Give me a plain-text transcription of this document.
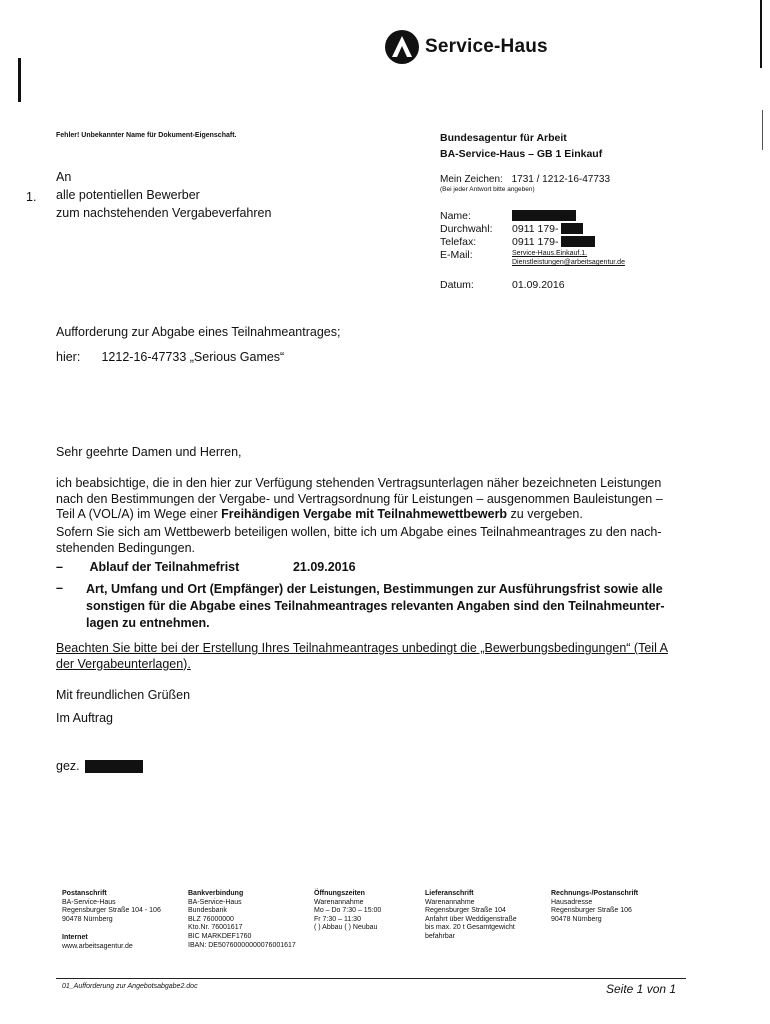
Service-Haus
Fehler! Unbekannter Name für Dokument-Eigenschaft.	Bundesagentur für Arbeit
BA-Service-Haus – GB 1 Einkauf
1.
An
alle potentiellen Bewerber
zum nachstehenden Vergabeverfahren
Mein Zeichen: 1731 / 1212-16-47733
(Bei jeder Antwort bitte angeben)
Name:
Durchwahl:	0911 179-
Telefax:	0911 179-
E-Mail:	Service-Haus.Einkauf.1.
Dienstleistungen@arbeitsagentur.de
Datum:	01.09.2016
Aufforderung zur Abgabe eines Teilnahmeantrages;
hier: 1212-16-47733 „Serious Games“
Sehr geehrte Damen und Herren,
ich beabsichtige, die in den hier zur Verfügung stehenden Vertragsunterlagen näher bezeichneten Leistungen
nach den Bestimmungen der Vergabe- und Vertragsordnung für Leistungen – ausgenommen Bauleistungen –
Teil A (VOL/A) im Wege einer Freihändigen Vergabe mit Teilnahmewettbewerb zu vergeben.
Sofern Sie sich am Wettbewerb beteiligen wollen, bitte ich um Abgabe eines Teilnahmeantrages zu den nach-
stehenden Bedingungen.
– Ablauf der Teilnahmefrist	21.09.2016
– Art, Umfang und Ort (Empfänger) der Leistungen, Bestimmungen zur Ausführungsfrist sowie alle
sonstigen für die Abgabe eines Teilnahmeantrages relevanten Angaben sind den Teilnahmeunter-
lagen zu entnehmen.
Beachten Sie bitte bei der Erstellung Ihres Teilnahmeantrages unbedingt die „Bewerbungsbedingungen“ (Teil A
der Vergabeunterlagen).
Mit freundlichen Grüßen
Im Auftrag
gez.
Postanschrift
BA-Service-Haus
Regensburger Straße 104 - 106
90478 Nürnberg
Internet
www.arbeitsagentur.de
Bankverbindung
BA-Service-Haus
Bundesbank
BLZ 76000000
Kto.Nr. 76001617
BIC MARKDEF1760
IBAN: DE50760000000076001617
Öffnungszeiten
Warenannahme
Mo – Do 7:30 – 15:00
Fr 7:30 – 11:30
( ) Abbau ( ) Neubau
Lieferanschrift
Warenannahme
Regensburger Straße 104
Anfahrt über Weddigenstraße
bis max. 20 t Gesamtgewicht
befahrbar
Rechnungs-/Postanschrift
Hausadresse
Regensburger Straße 106
90478 Nürnberg
01_Aufforderung zur Angebotsabgabe2.doc	Seite 1 von 1
